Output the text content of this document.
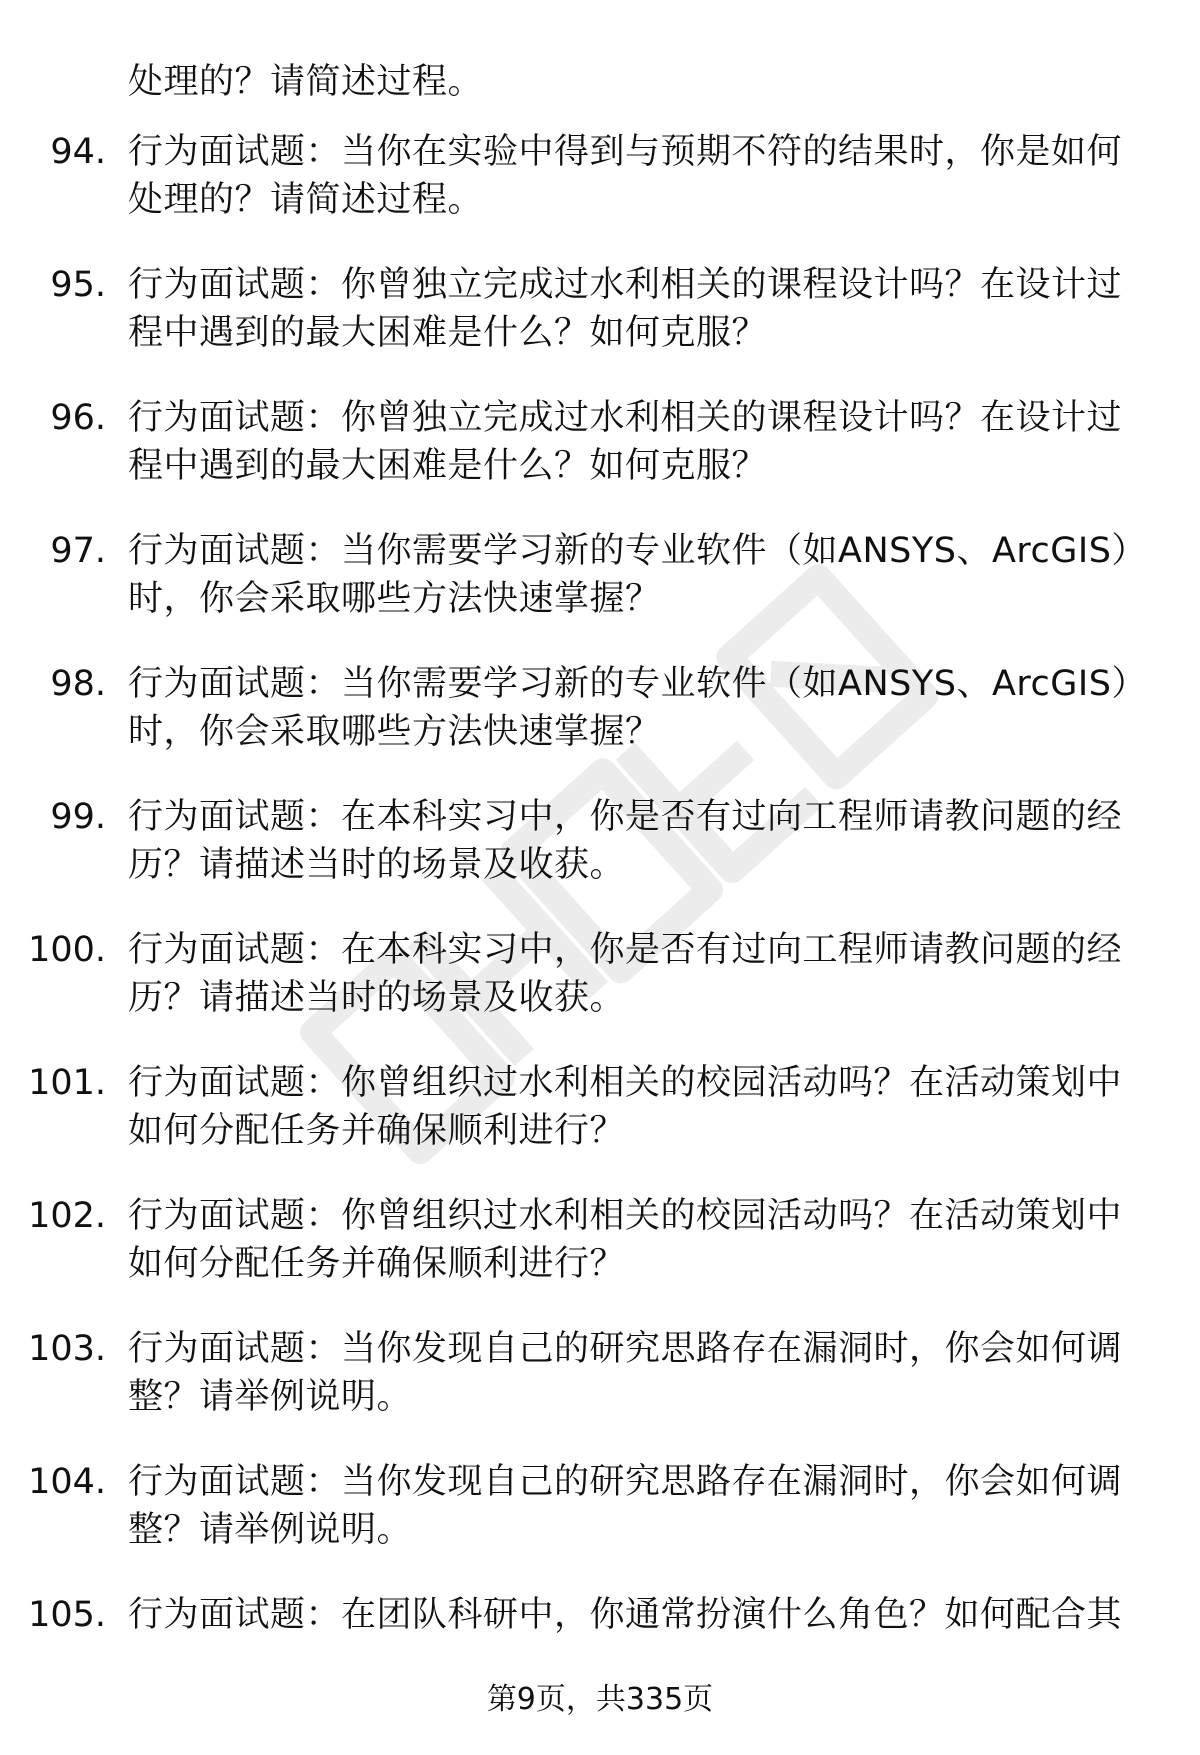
处理的？请简述过程。
94. 行为面试题：当你在实验中得到与预期不符的结果时，你是如何
处理的？请简述过程。
95. 行为面试题：你曾独立完成过水利相关的课程设计吗？在设计过
程中遇到的最大困难是什么？如何克服？
96. 行为面试题：你曾独立完成过水利相关的课程设计吗？在设计过
程中遇到的最大困难是什么？如何克服？
97. 行为面试题：当你需要学习新的专业软件（如ANSYS、ArcGIS）
时，你会采取哪些方法快速掌握？
98. 行为面试题：当你需要学习新的专业软件（如ANSYS、ArcGIS）
时，你会采取哪些方法快速掌握？
99. 行为面试题：在本科实习中，你是否有过向工程师请教问题的经
历？请描述当时的场景及收获。
100. 行为面试题：在本科实习中，你是否有过向工程师请教问题的经
历？请描述当时的场景及收获。
101. 行为面试题：你曾组织过水利相关的校园活动吗？在活动策划中
如何分配任务并确保顺利进行？
102. 行为面试题：你曾组织过水利相关的校园活动吗？在活动策划中
如何分配任务并确保顺利进行？
103. 行为面试题：当你发现自己的研究思路存在漏洞时，你会如何调
整？请举例说明。
104. 行为面试题：当你发现自己的研究思路存在漏洞时，你会如何调
整？请举例说明。
105. 行为面试题：在团队科研中，你通常扮演什么角色？如何配合其
第9页，共335页
